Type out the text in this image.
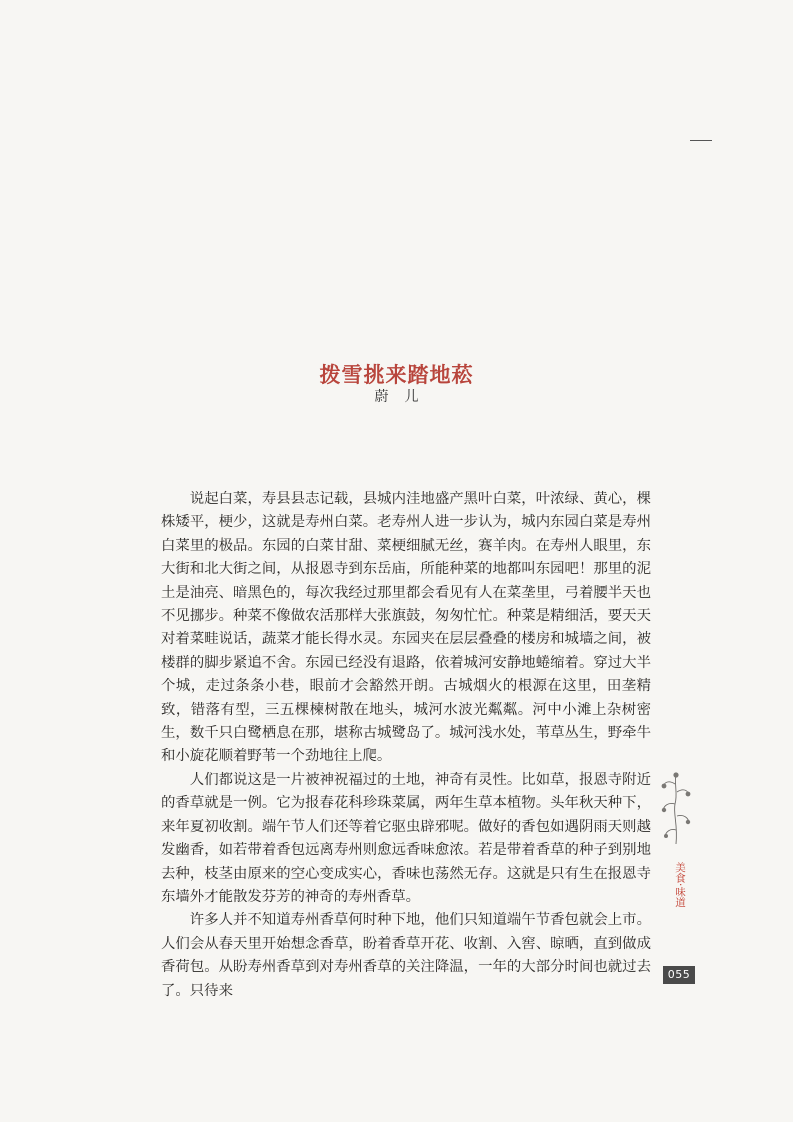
拨雪挑来踏地菘
蔚儿

说起白菜，寿县县志记载，县城内洼地盛产黑叶白菜，叶浓绿、黄心，棵株矮平，梗少，这就是寿州白菜。老寿州人进一步认为，城内东园白菜是寿州白菜里的极品。东园的白菜甘甜、菜梗细腻无丝，赛羊肉。在寿州人眼里，东大街和北大街之间，从报恩寺到东岳庙，所能种菜的地都叫东园吧！那里的泥土是油亮、暗黑色的，每次我经过那里都会看见有人在菜垄里，弓着腰半天也不见挪步。种菜不像做农活那样大张旗鼓，匆匆忙忙。种菜是精细活，要天天对着菜畦说话，蔬菜才能长得水灵。东园夹在层层叠叠的楼房和城墙之间，被楼群的脚步紧追不舍。东园已经没有退路，依着城河安静地蜷缩着。穿过大半个城，走过条条小巷，眼前才会豁然开朗。古城烟火的根源在这里，田垄精致，错落有型，三五棵楝树散在地头，城河水波光粼粼。河中小滩上杂树密生，数千只白鹭栖息在那，堪称古城鹭岛了。城河浅水处，苇草丛生，野牵牛和小旋花顺着野苇一个劲地往上爬。

人们都说这是一片被神祝福过的土地，神奇有灵性。比如草，报恩寺附近的香草就是一例。它为报春花科珍珠菜属，两年生草本植物。头年秋天种下，来年夏初收割。端午节人们还等着它驱虫辟邪呢。做好的香包如遇阴雨天则越发幽香，如若带着香包远离寿州则愈远香味愈浓。若是带着香草的种子到别地去种，枝茎由原来的空心变成实心，香味也荡然无存。这就是只有生在报恩寺东墙外才能散发芬芳的神奇的寿州香草。

许多人并不知道寿州香草何时种下地，他们只知道端午节香包就会上市。人们会从春天里开始想念香草，盼着香草开花、收割、入窖、晾晒，直到做成香荷包。从盼寿州香草到对寿州香草的关注降温，一年的大部分时间也就过去了。只待来

美食·味道
055
